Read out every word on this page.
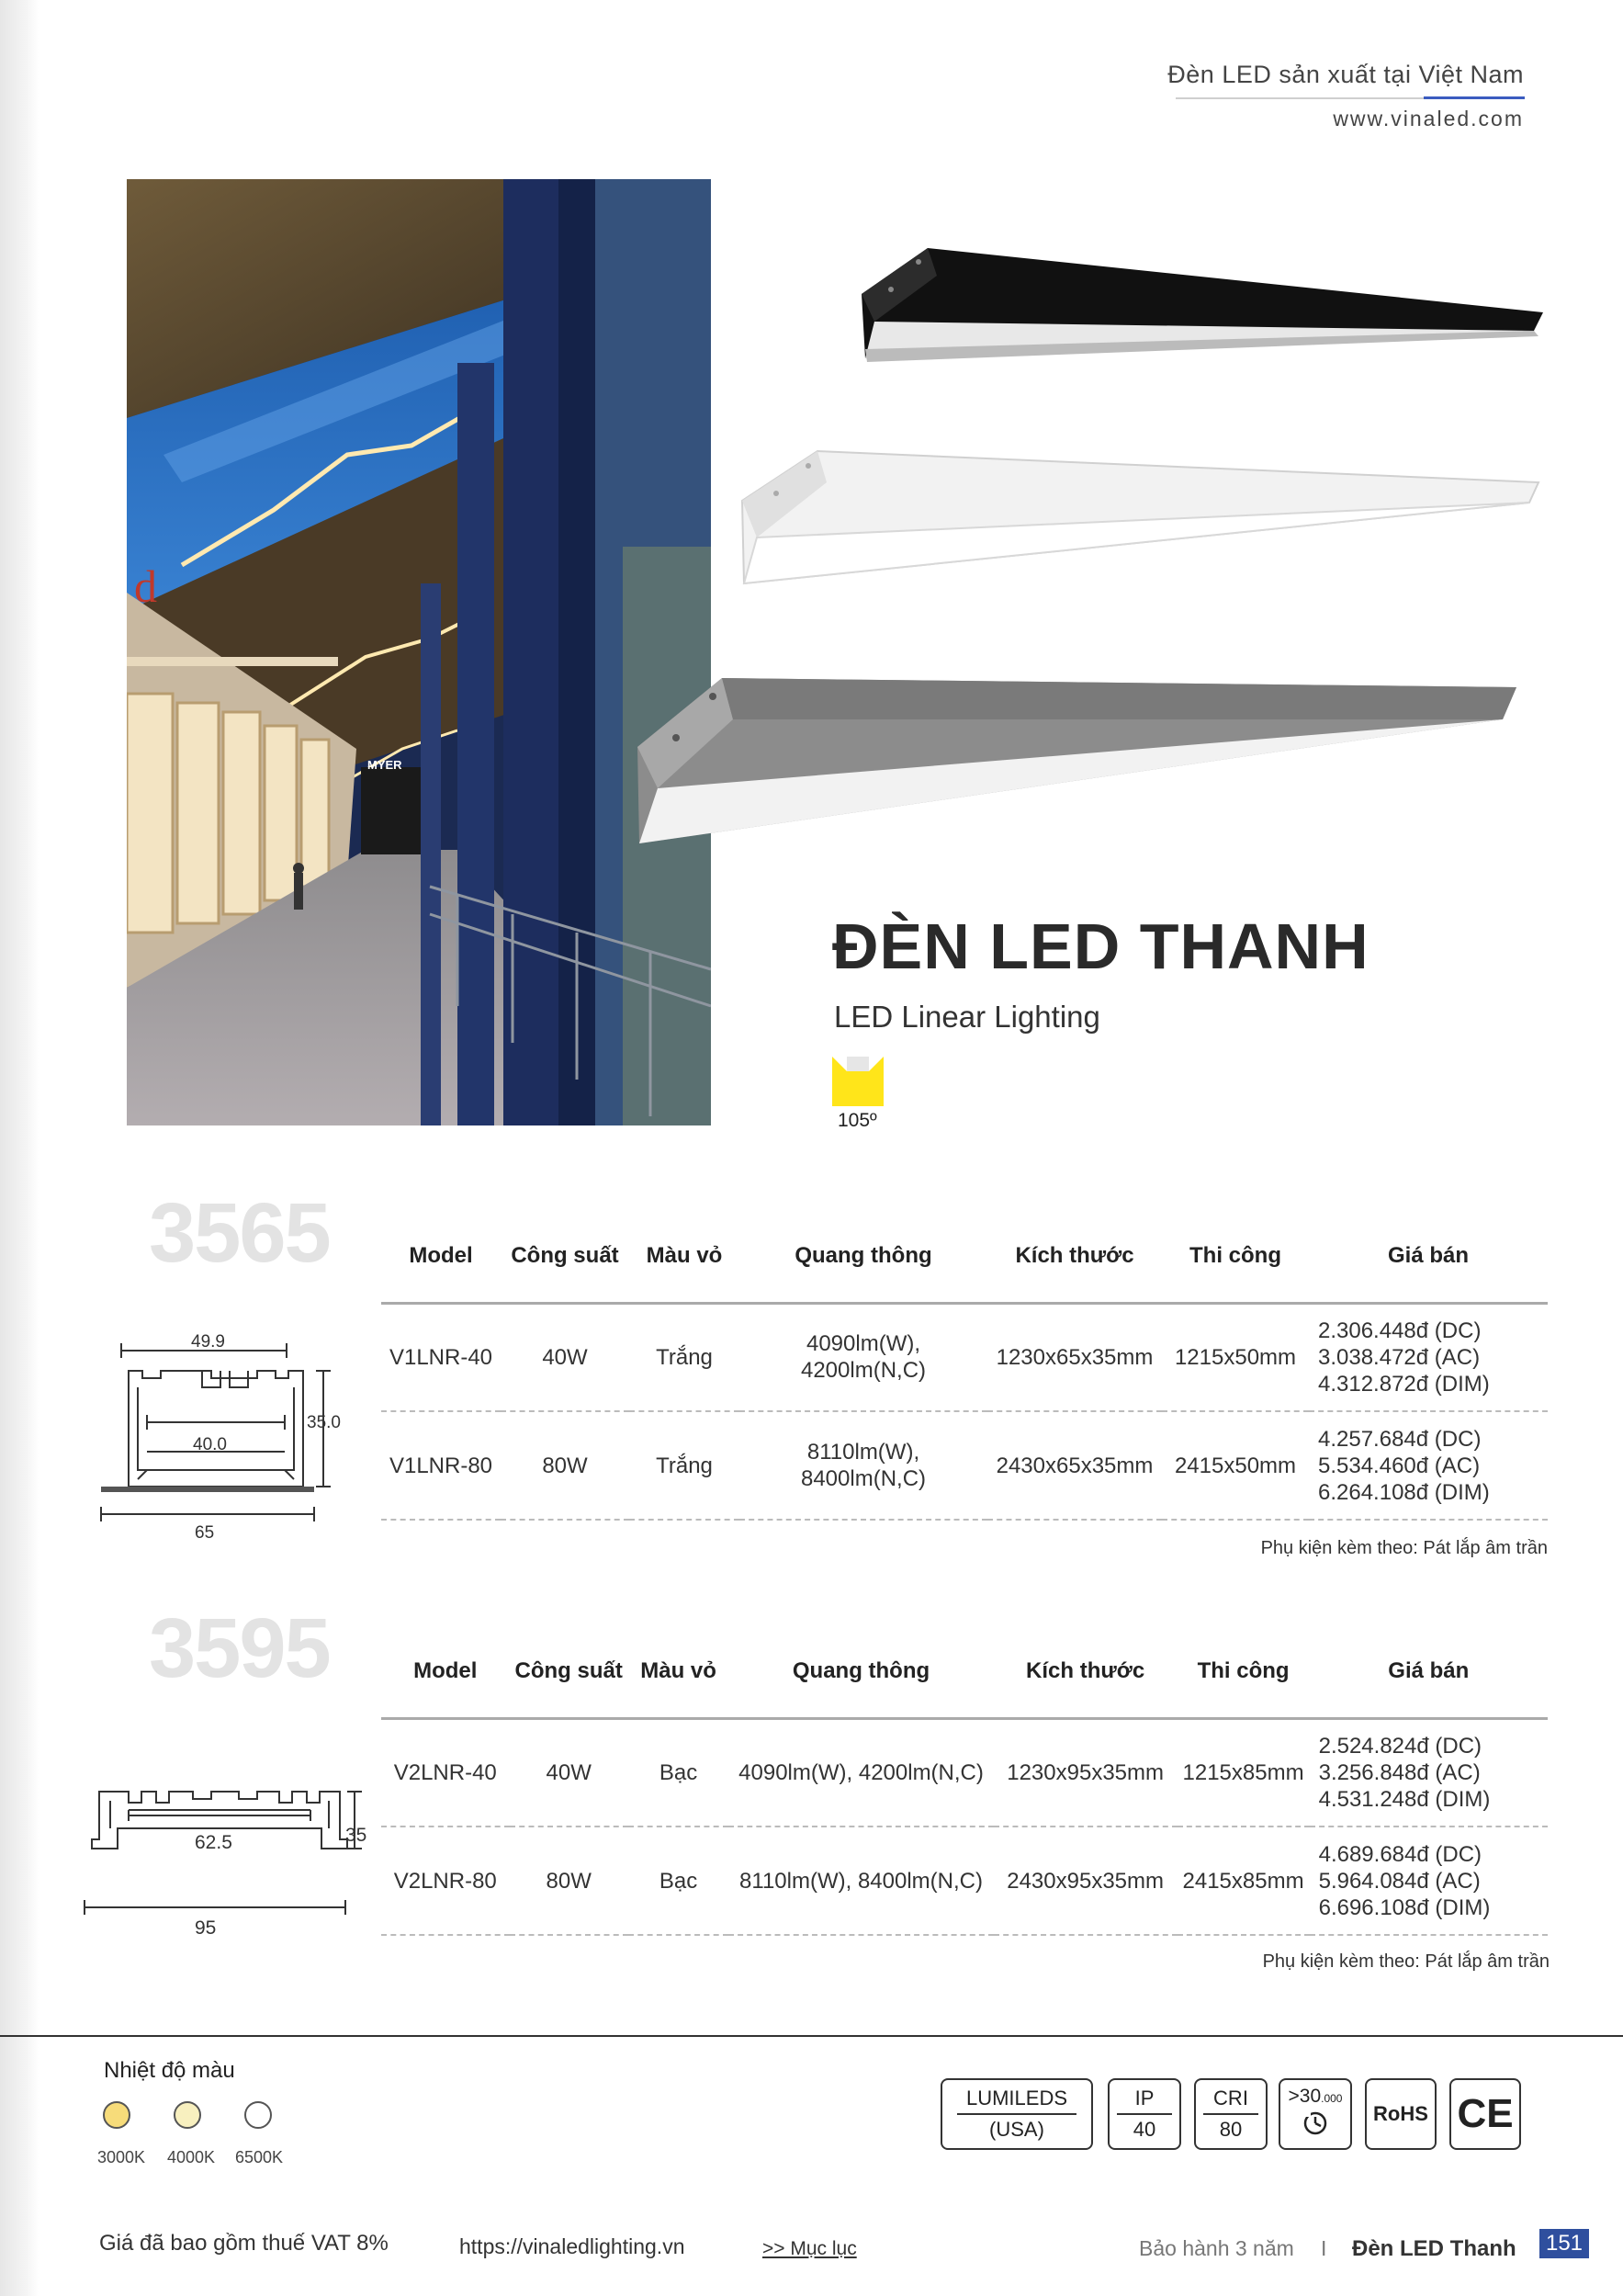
Đèn LED sản xuất tại Việt Nam
www.vinaled.com
d
MYER
ĐÈN LED THANH
LED Linear Lighting
105º
3565
49.9
40.0
35.0
65
Model	Công suất	Màu vỏ	Quang thông	Kích thước	Thi công	Giá bán
V1LNR-40	40W	Trắng	4090lm(W), 4200lm(N,C)	1230x65x35mm	1215x50mm	2.306.448đ (DC)
3.038.472đ (AC)
4.312.872đ (DIM)
V1LNR-80	80W	Trắng	8110lm(W), 8400lm(N,C)	2430x65x35mm	2415x50mm	4.257.684đ (DC)
5.534.460đ (AC)
6.264.108đ (DIM)
Phụ kiện kèm theo: Pát lắp âm trần
3595
62.5	35
95
Model	Công suất	Màu vỏ	Quang thông	Kích thước	Thi công	Giá bán
V2LNR-40	40W	Bạc	4090lm(W), 4200lm(N,C)	1230x95x35mm	1215x85mm	2.524.824đ (DC)
3.256.848đ (AC)
4.531.248đ (DIM)
V2LNR-80	80W	Bạc	8110lm(W), 8400lm(N,C)	2430x95x35mm	2415x85mm	4.689.684đ (DC)
5.964.084đ (AC)
6.696.108đ (DIM)
Phụ kiện kèm theo: Pát lắp âm trần
Nhiệt độ màu
3000K 4000K 6500K
LUMILEDS
(USA)
IP
40
CRI
80
>30.000
RoHS CE
Giá đã bao gồm thuế VAT 8%	https://vinaledlighting.vn	>> Mục lục	Bảo hành 3 năm I Đèn LED Thanh 151
